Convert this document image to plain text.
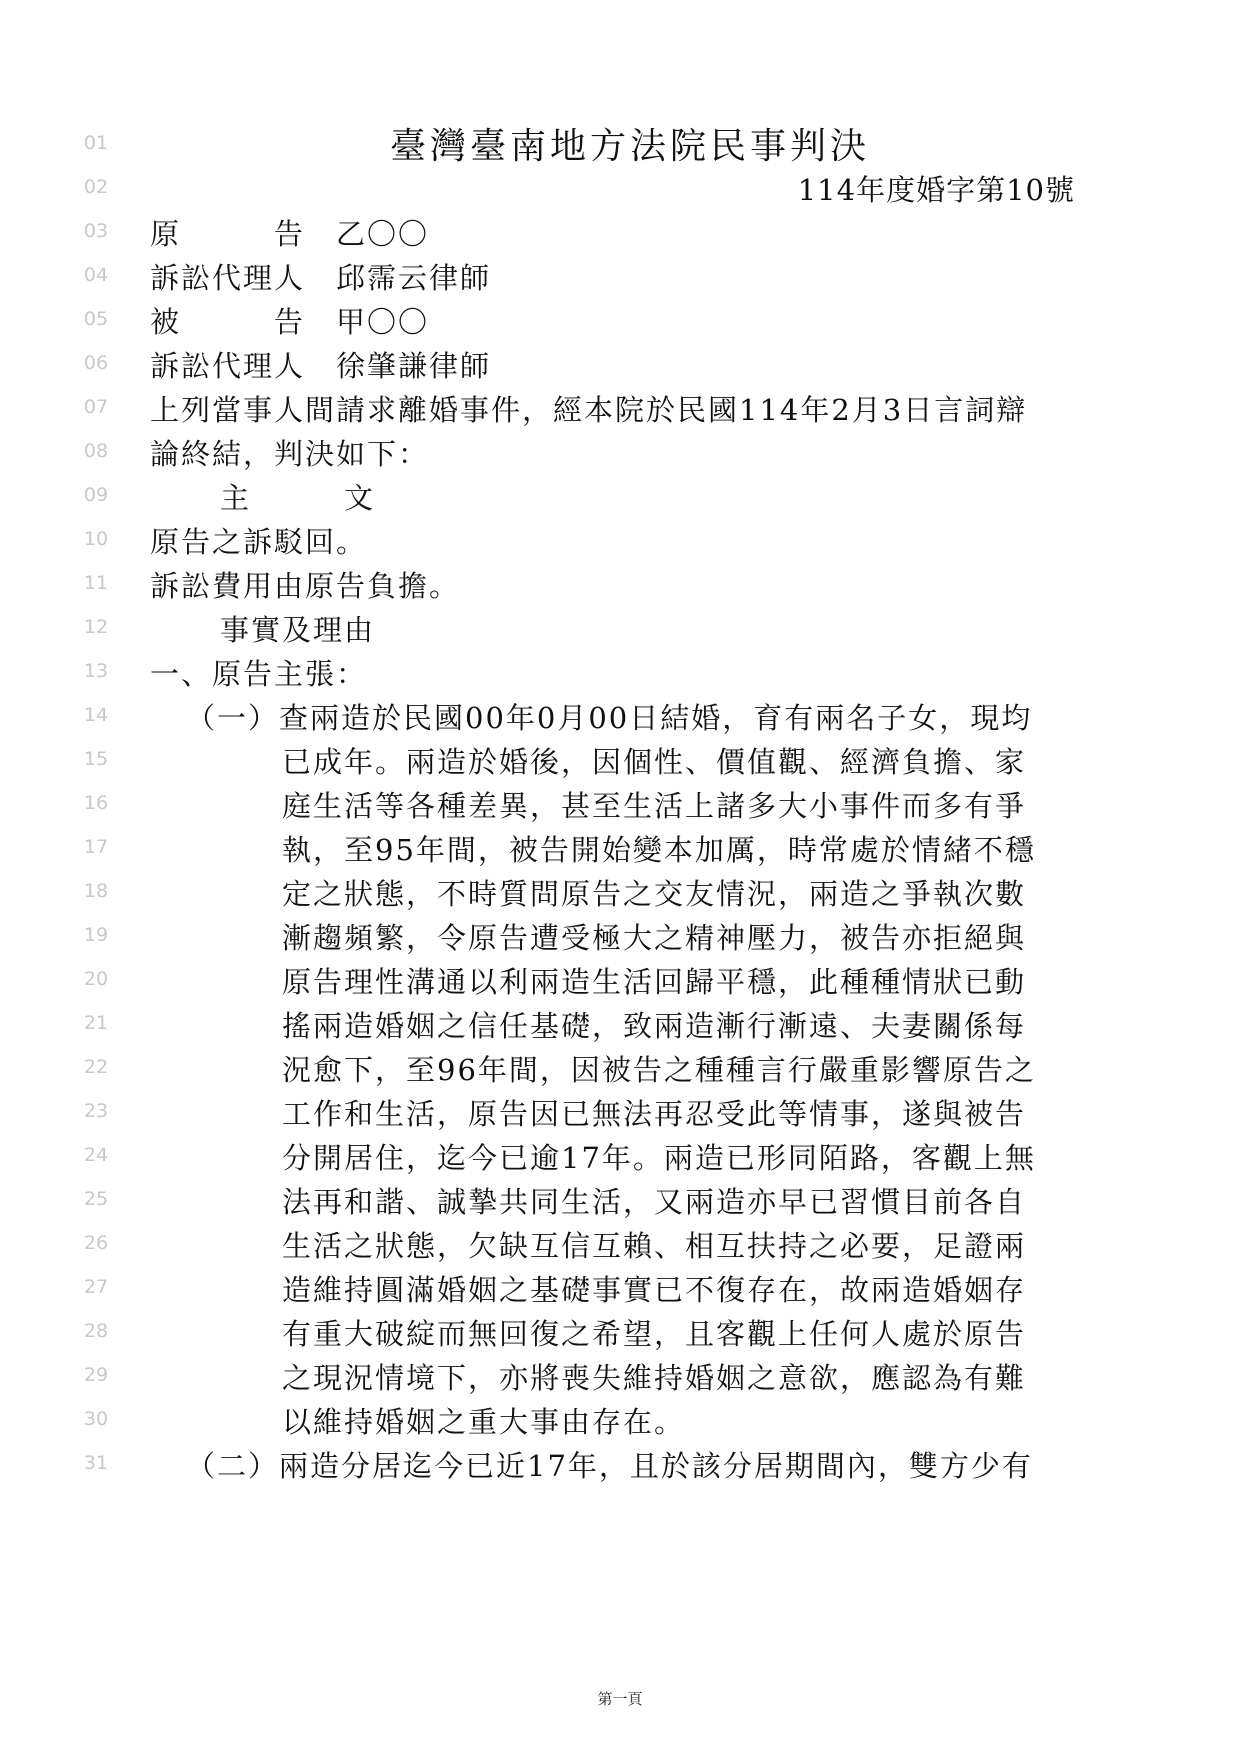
01	臺灣臺南地方法院民事判決
02	114年度婚字第10號
03	原　　　告　乙〇〇
04	訴訟代理人　邱霈云律師
05	被　　　告　甲〇〇
06	訴訟代理人　徐肇謙律師
07	上列當事人間請求離婚事件，經本院於民國114年2月3日言詞辯
08	論終結，判決如下：
09	主　　　文
10	原告之訴駁回。
11	訴訟費用由原告負擔。
12	事實及理由
13	一、原告主張：
14	（一）查兩造於民國00年0月00日結婚，育有兩名子女，現均
15	已成年。兩造於婚後，因個性、價值觀、經濟負擔、家
16	庭生活等各種差異，甚至生活上諸多大小事件而多有爭
17	執，至95年間，被告開始變本加厲，時常處於情緒不穩
18	定之狀態，不時質問原告之交友情況，兩造之爭執次數
19	漸趨頻繁，令原告遭受極大之精神壓力，被告亦拒絕與
20	原告理性溝通以利兩造生活回歸平穩，此種種情狀已動
21	搖兩造婚姻之信任基礎，致兩造漸行漸遠、夫妻關係每
22	況愈下，至96年間，因被告之種種言行嚴重影響原告之
23	工作和生活，原告因已無法再忍受此等情事，遂與被告
24	分開居住，迄今已逾17年。兩造已形同陌路，客觀上無
25	法再和諧、誠摯共同生活，又兩造亦早已習慣目前各自
26	生活之狀態，欠缺互信互賴、相互扶持之必要，足證兩
27	造維持圓滿婚姻之基礎事實已不復存在，故兩造婚姻存
28	有重大破綻而無回復之希望，且客觀上任何人處於原告
29	之現況情境下，亦將喪失維持婚姻之意欲，應認為有難
30	以維持婚姻之重大事由存在。
31	（二）兩造分居迄今已近17年，且於該分居期間內，雙方少有
第一頁
